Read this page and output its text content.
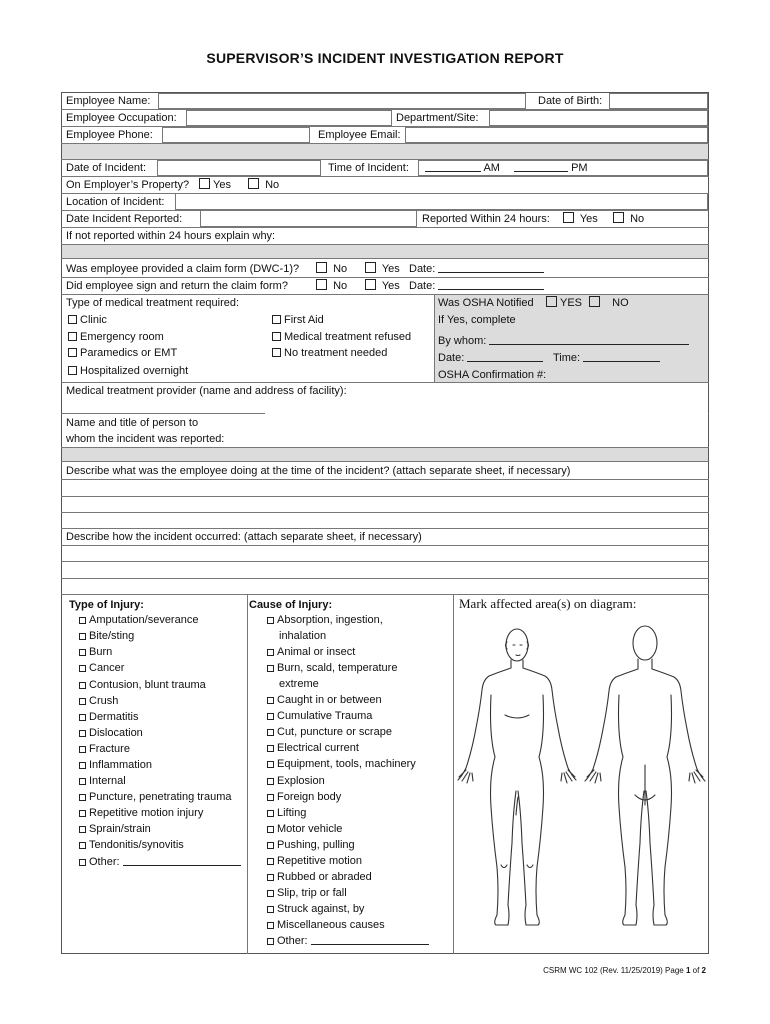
SUPERVISOR’S INCIDENT INVESTIGATION REPORT
Employee Name:	Date of Birth:
Employee Occupation:	Department/Site:
Employee Phone:	Employee Email:
Date of Incident:	Time of Incident:	AM	PM
On Employer’s Property?	Yes	No
Location of Incident:
Date Incident Reported:	Reported Within 24 hours:	Yes	No
If not reported within 24 hours explain why:
Was employee provided a claim form (DWC-1)?	No	Yes Date:
Did employee sign and return the claim form?	No	Yes Date:
Type of medical treatment required:
Clinic
Emergency room
Paramedics or EMT
Hospitalized overnight
First Aid
Medical treatment refused
No treatment needed
Was OSHA Notified	YES	NO
If Yes, complete
By whom:
Date:	Time:
OSHA Confirmation #:
Medical treatment provider (name and address of facility):
Name and title of person to
whom the incident was reported:
Describe what was the employee doing at the time of the incident? (attach separate sheet, if necessary)
Describe how the incident occurred: (attach separate sheet, if necessary)
Type of Injury:
Amputation/severance
Bite/sting
Burn
Cancer
Contusion, blunt trauma
Crush
Dermatitis
Dislocation
Fracture
Inflammation
Internal
Puncture, penetrating trauma
Repetitive motion injury
Sprain/strain
Tendonitis/synovitis
Other:
Cause of Injury:
Absorption, ingestion,
inhalation
Animal or insect
Burn, scald, temperature
extreme
Caught in or between
Cumulative Trauma
Cut, puncture or scrape
Electrical current
Equipment, tools, machinery
Explosion
Foreign body
Lifting
Motor vehicle
Pushing, pulling
Repetitive motion
Rubbed or abraded
Slip, trip or fall
Struck against, by
Miscellaneous causes
Other:
Mark affected area(s) on diagram:
CSRM WC 102 (Rev. 11/25/2019) Page 1 of 2
